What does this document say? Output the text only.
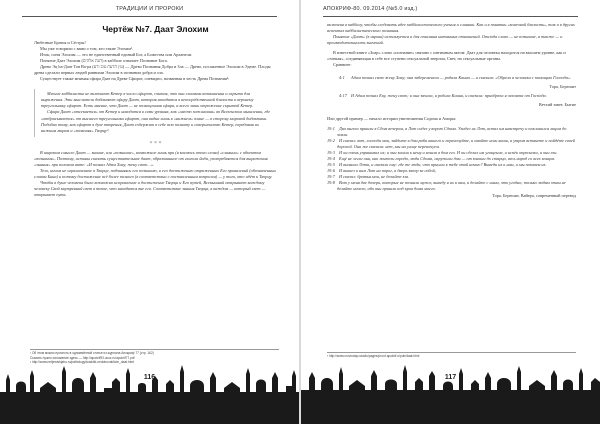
ТРАДИЦИИ И ПРОРОКИ
Чертёж №7. Даат Элохим

Любезные Братья и Сёстры!

Мы уже говорили с вами о том, кто такие Элохим¹.

Итак, сонм Элохим — это не единственный единый Бог, а Божества или Арханели.

Понятие Даат Элохим (דעת אלהים) в каббале означает Познание Бога.

Древо Эц ha-Даат Тов Ва-ра (עץ הדעת טוב ורע) — Древо Познания Добра и Зла — Древо, посаженное Элохим в Эдеме. Плоды древа сделали первых людей равными Элохим в познании добра и зла.

Существует также мнимая сфира Даат на Древе Сфирот, очевидно, названная в честь Древа Познания²:

Многие каббалисты не включают Кетер в число сфирот, считая, что она слишком возвышенна и скрыта для выражения. Эти мыслители добавляют сфиру Даат, которая находится в непосредственной близости к верхнему треугольнику сфирот. Есть мнение, что Даат — не полноценная сфира, а всего лишь отражение скрытой Кетер.

Сфира Даат «отсекается» от Кетер и находится в семи уровнях, как «место зажигания» во Вселенском мышлении, где «отбрасывается» от высшего треугольника сфирот, она видна лишь в «нижнем» плане — в сторону мировой дидактики. Подобно тому, как сфирот в духе творения, Даат содержит в себе всю полноту и совершенство Кетер, передавая их нижним мирам и «позволяя» Творцу³.

* * *

В широком смысле Даат — знание, или «познание», возможное лишь при (я касаюсь этого слова) «слиянии» с объектом «познания». Поэтому, истины сказать существительное даат, образованное от глагола йада, употребляется для выражения «знания» при половом акте: «И познал Адам Хаву, жену свою…».

Тело, ничем не ограниченное в Творце, подчиняясь его познанию, и его достижению отраженных Его проявлений (обозначенных словом Бина) и потому достижение всё более полного (в соответствии с поставленным вопросом) — у того, кто идёт к Творцу.

Чтобы в душе человека было возможно исправление и достижение Творца и Его путей, Всевышний открывает каждому человеку Свой внутренний свет в точке, что находится вне его. Соответствие знания Творца, в каждом — который свет — открывает путь.

¹ Об этом можно прочесть в одноимённой статье из журнала Апокриф 77 (стр. 162)
Сказать нужно изложение здесь — http://apokrif93.ucoz.ru/apokrif77.pdf
² http://www.netjewishjabo.ru/pathology/tzaddik-nedotrovat/isbn_daat.html
116
АПОКРИФ-80. 09.2014 (№5.0 изд.)

включена в каббалу, чтобы следовать идее каббалистического учения и слиянии. Как и в понятии «конечной близость», так и в других аспектах каббалистического познания.

Понятие «Даат» (в ивриш) используется и для описания интимных отношений. Отсюда слово — не познание, а также — и производительность значений.

В известной книге «Зоар» слово «познание» связано с интимным актом: Даат для человека находится на высшем уровне, как и «тонкая», соединяющая в себе все ступени сексуальной энергии, Свет, на сексуальные органы.

Сравните:

4:1 Адам познал свою жену Хаву; она забеременела — родила Каина — и сказала: «Обрела я человека с помощью Господа».

Тора, Берешит

4:17 И Адам познал Еву, жену свою; и она зачала, и родила Каина, и сказала: приобрела я человека от Господа.

Ветхий завет, Бытие

Или другой пример — начало истории уничтожения Содома и Аморы:

19:1 Два ангела пришли в Сдом вечером, а Лот сидел у ворот Сдома. Увидел их Лот, встал им навстречу и поклонился лицом до земли.

19:2 И сказал: вот, господа мои, зайдите в дом раба вашего и переночуйте, и омойте ноги ваши, а утром встанете и пойдёте своей дорогой. Они же сказали: нет, мы на улице переночуем.

19:3 И он очень упрашивал их; и они зашли к нему и вошли в дом его. И он сделал им угощение, и испёк опресноки, и они ели.

19:4 Ещё не легли они, как жители города, люди Сдома, окружили дом — от юноши до старца, весь народ со всех концов.

19:5 И вызвали Лота, и сказали ему: где те люди, что пришли к тебе этой ночью? Выведи их к нам, и мы познаем их.

19:6 И вышел к ним Лот на порог, а дверь запер за собой,

19:7 И сказал: братья мои, не делайте зла.

19:8 Вот у меня две дочери, которые не познали мужа; выведу я их к вам, и делайте с ними, что угодно; только людям этим не делайте ничего, ибо они пришли под кров дома моего.

Тора, Берешит, Вайера, современный перевод

³ http://www.cnn/ostap-studio/pages/proof-apokrif-n/pub/daat.html
117
